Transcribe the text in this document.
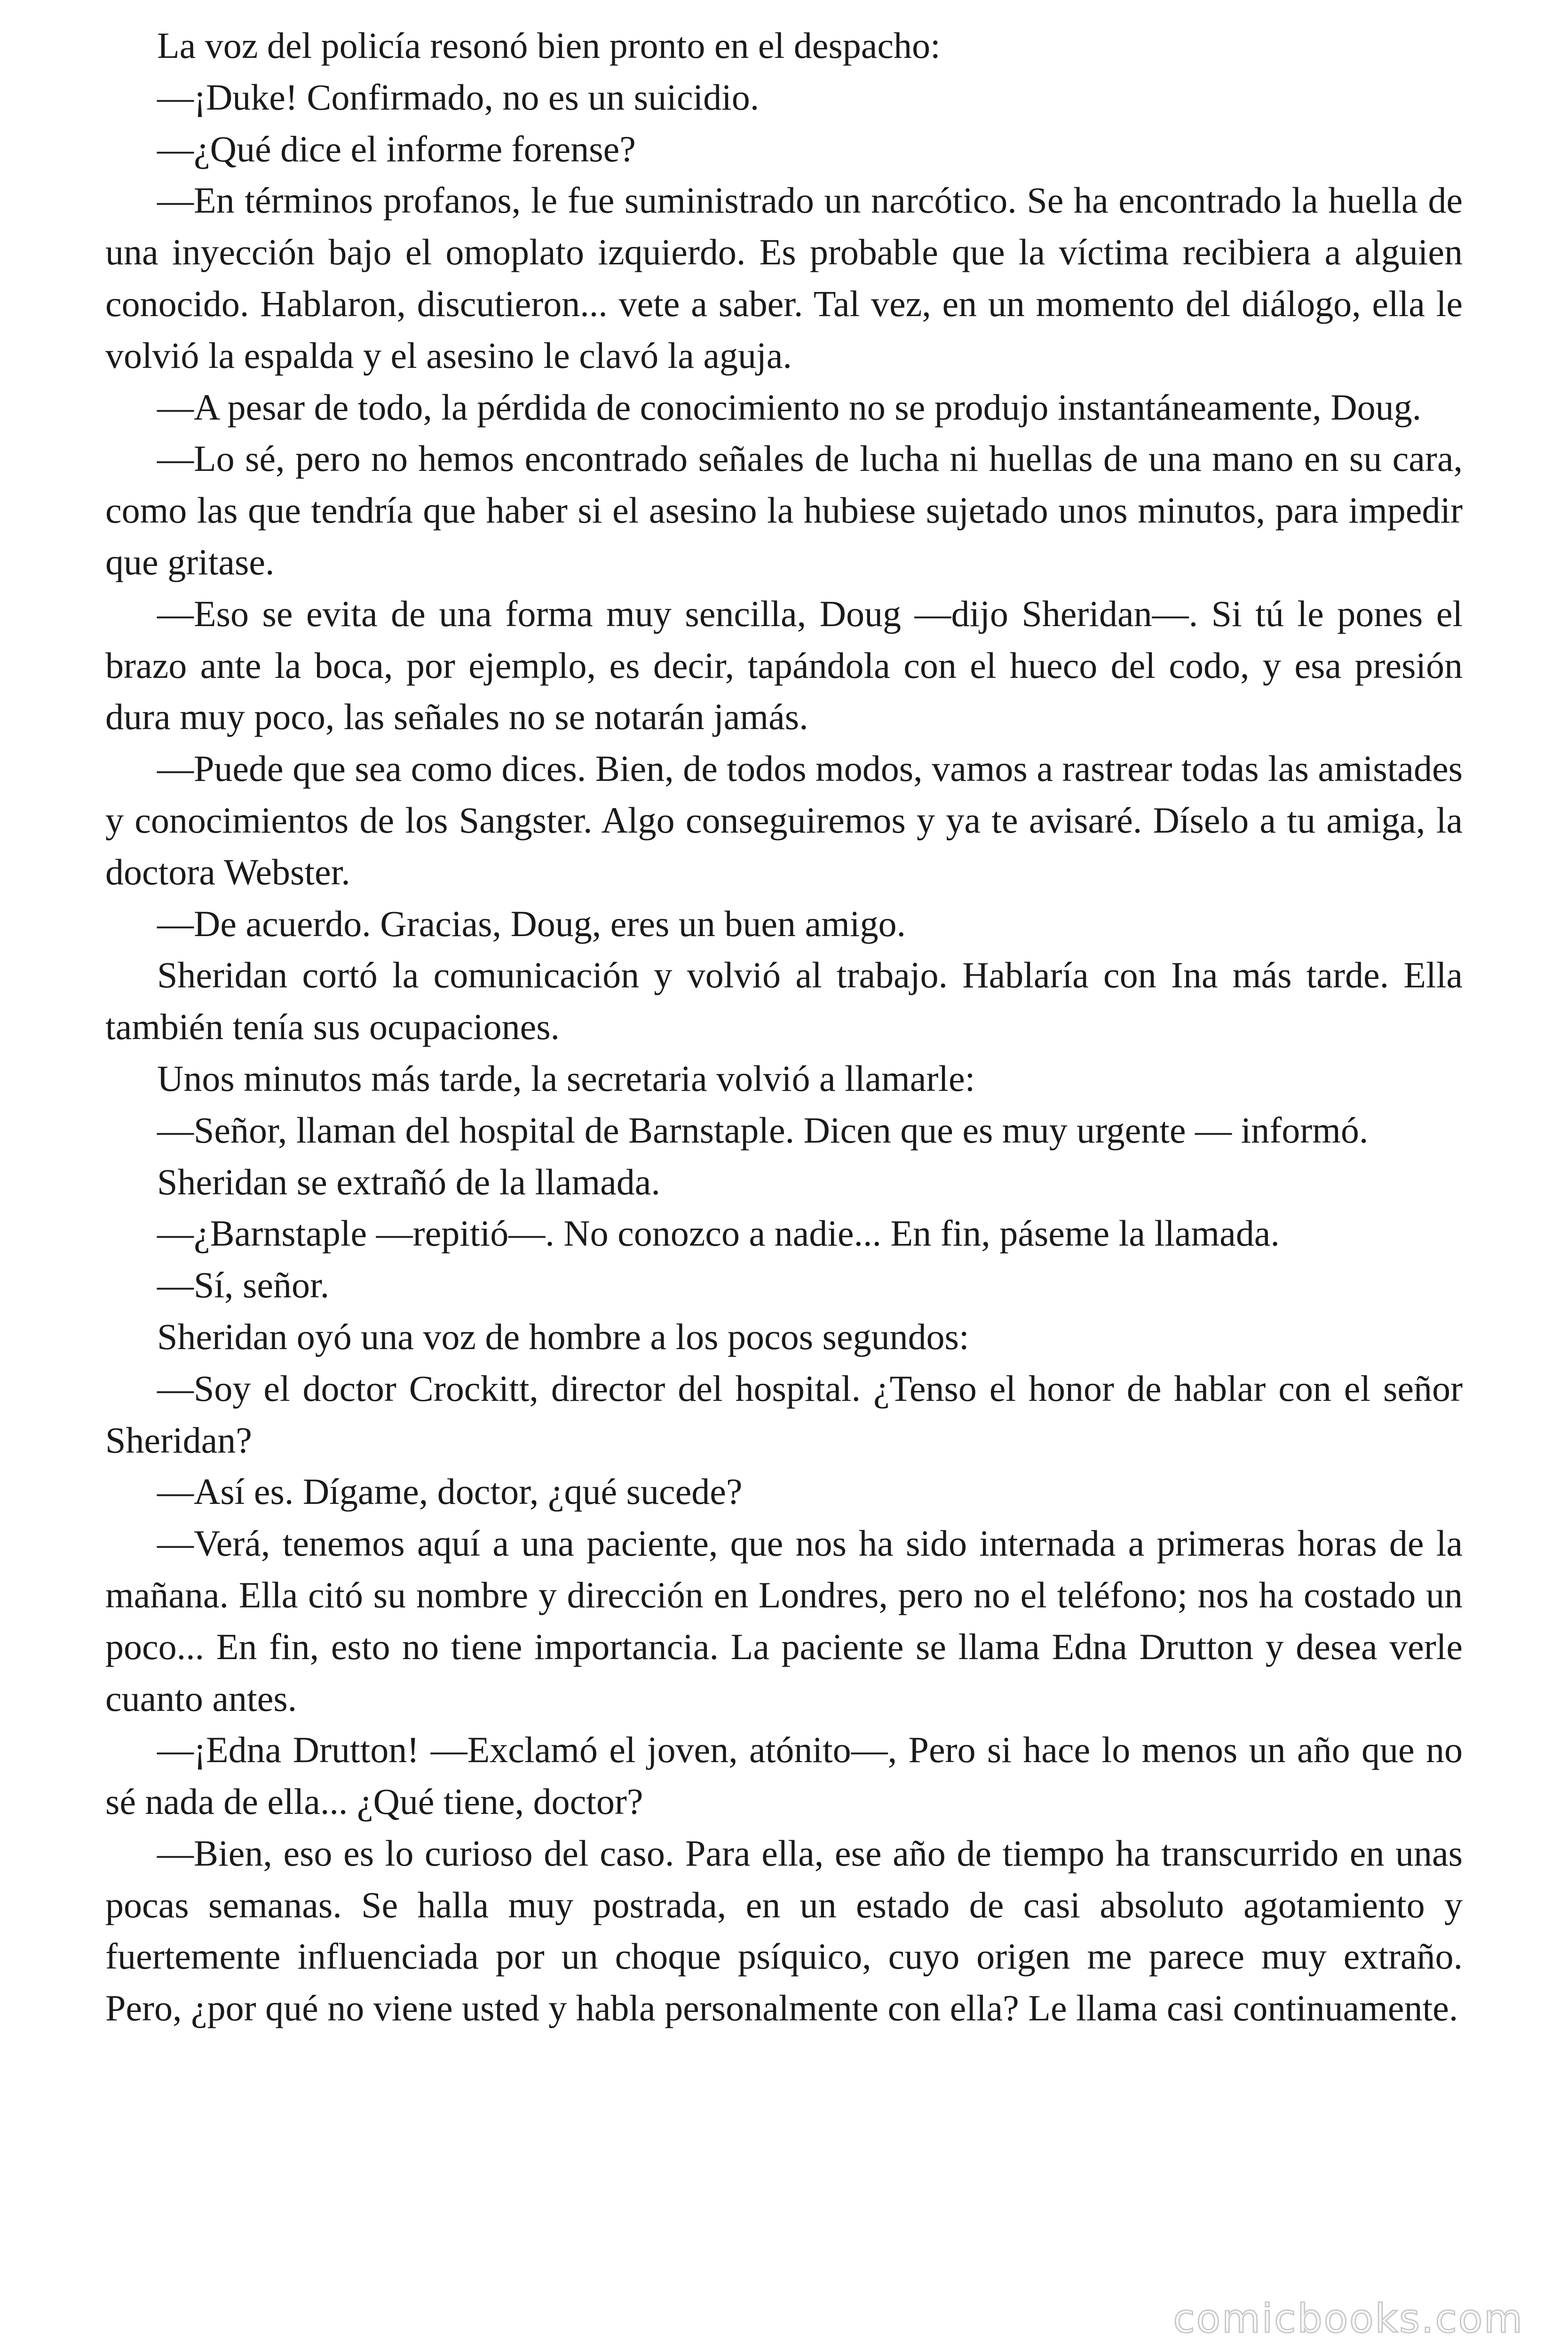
La voz del policía resonó bien pronto en el despacho:

—¡Duke! Confirmado, no es un suicidio.

—¿Qué dice el informe forense?

—En términos profanos, le fue suministrado un narcótico. Se ha encontrado la huella de una inyección bajo el omoplato izquierdo. Es probable que la víctima recibiera a alguien conocido. Hablaron, discutieron... vete a saber. Tal vez, en un momento del diálogo, ella le volvió la espalda y el asesino le clavó la aguja.

—A pesar de todo, la pérdida de conocimiento no se produjo instantáneamente, Doug.

—Lo sé, pero no hemos encontrado señales de lucha ni huellas de una mano en su cara, como las que tendría que haber si el asesino la hubiese sujetado unos minutos, para impedir que gritase.

—Eso se evita de una forma muy sencilla, Doug —dijo Sheridan—. Si tú le pones el brazo ante la boca, por ejemplo, es decir, tapándola con el hueco del codo, y esa presión dura muy poco, las señales no se notarán jamás.

—Puede que sea como dices. Bien, de todos modos, vamos a rastrear todas las amistades y conocimientos de los Sangster. Algo conseguiremos y ya te avisaré. Díselo a tu amiga, la doctora Webster.

—De acuerdo. Gracias, Doug, eres un buen amigo.

Sheridan cortó la comunicación y volvió al trabajo. Hablaría con Ina más tarde. Ella también tenía sus ocupaciones.

Unos minutos más tarde, la secretaria volvió a llamarle:

—Señor, llaman del hospital de Barnstaple. Dicen que es muy urgente — informó.

Sheridan se extrañó de la llamada.

—¿Barnstaple —repitió—. No conozco a nadie... En fin, páseme la llamada.

—Sí, señor.

Sheridan oyó una voz de hombre a los pocos segundos:

—Soy el doctor Crockitt, director del hospital. ¿Tenso el honor de hablar con el señor Sheridan?

—Así es. Dígame, doctor, ¿qué sucede?

—Verá, tenemos aquí a una paciente, que nos ha sido internada a primeras horas de la mañana. Ella citó su nombre y dirección en Londres, pero no el teléfono; nos ha costado un poco... En fin, esto no tiene importancia. La paciente se llama Edna Drutton y desea verle cuanto antes.

—¡Edna Drutton! —Exclamó el joven, atónito—, Pero si hace lo menos un año que no sé nada de ella... ¿Qué tiene, doctor?

—Bien, eso es lo curioso del caso. Para ella, ese año de tiempo ha transcurrido en unas pocas semanas. Se halla muy postrada, en un estado de casi absoluto agotamiento y fuertemente influenciada por un choque psíquico, cuyo origen me parece muy extraño. Pero, ¿por qué no viene usted y habla personalmente con ella? Le llama casi continuamente.

comicbooks.com
